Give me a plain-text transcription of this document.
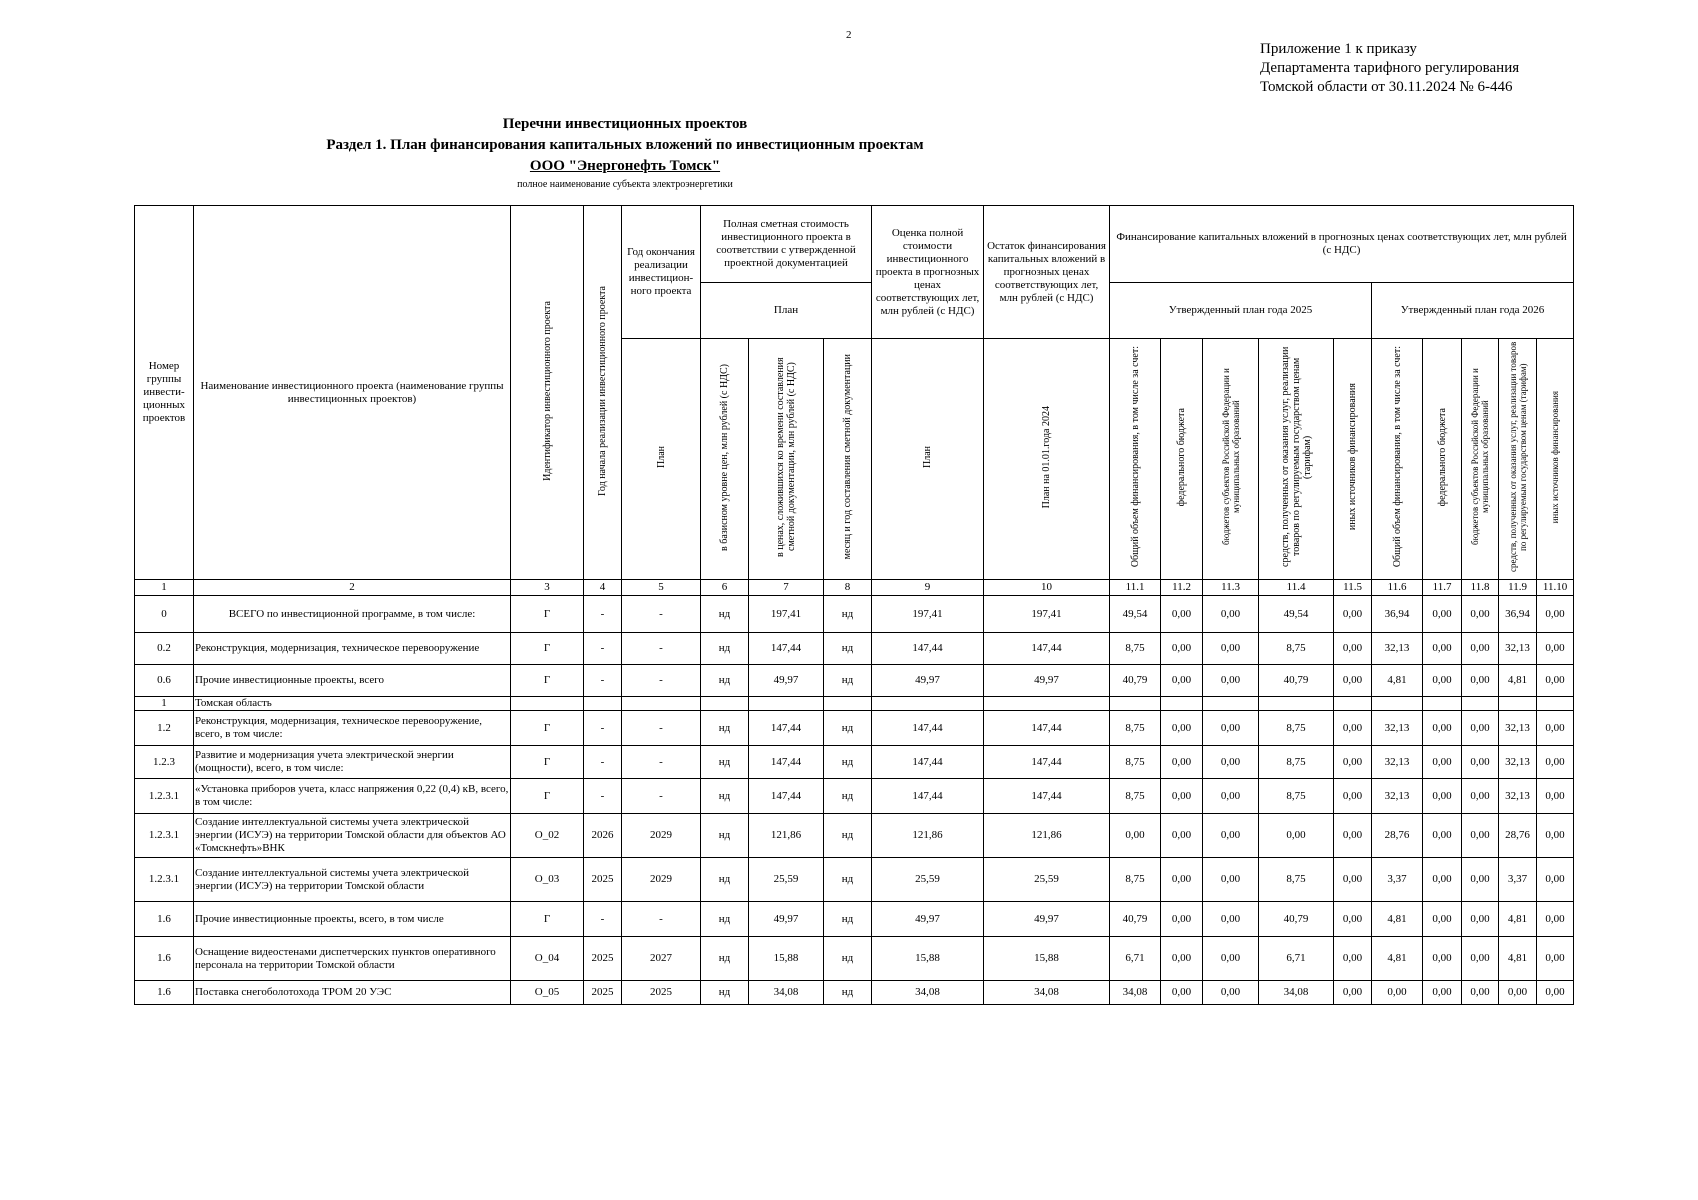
2
Приложение 1 к приказу
Департамента тарифного регулирования
Томской области от 30.11.2024 № 6-446
Перечни инвестиционных проектов
Раздел 1. План финансирования капитальных вложений по инвестиционным проектам
ООО "Энергонефть Томск"
полное наименование субъекта электроэнергетики
Номер группы инвести-ционных проектов	Наименование инвестиционного проекта (наименование группы инвестиционных проектов)	Идентификатор инвестиционного проекта	Год начала реализации инвестиционного проекта	Год окончания реализации инвестицион-ного проекта	Полная сметная стоимость инвестиционного проекта в соответствии с утвержденной проектной документацией			Оценка полной стоимости инвестиционного проекта в прогнозных ценах соответствующих лет, млн рублей (с НДС)	Остаток финансирования капитальных вложений в прогнозных ценах соответствующих лет, млн рублей (с НДС)	Финансирование капитальных вложений в прогнозных ценах соответствующих лет, млн рублей (с НДС)									
					План					Утвержденный план года 2025					Утвержденный план года 2026				
				План	в базисном уровне цен, млн рублей (с НДС)	в ценах, сложившихся ко времени составления сметной документации, млн рублей (с НДС)	месяц и год составления сметной документации	План	План на 01.01.года 2024	Общий объем финансирования, в том числе за счет:	федерального бюджета	бюджетов субъектов Российской Федерации и муниципальных образований	средств, полученных от оказания услуг, реализации товаров по регулируемым государством ценам (тарифам)	иных источников финансирования	Общий объем финансирования, в том числе за счет:	федерального бюджета	бюджетов субъектов Российской Федерации и муниципальных образований	средств, полученных от оказания услуг, реализации товаров по регулируемым государством ценам (тарифам)	иных источников финансирования
1	2	3	4	5	6	7	8	9	10	11.1	11.2	11.3	11.4	11.5	11.6	11.7	11.8	11.9	11.10
0	ВСЕГО по инвестиционной программе, в том числе:	Г	-	-	нд	197,41	нд	197,41	197,41	49,54	0,00	0,00	49,54	0,00	36,94	0,00	0,00	36,94	0,00
0.2	Реконструкция, модернизация, техническое перевооружение	Г	-	-	нд	147,44	нд	147,44	147,44	8,75	0,00	0,00	8,75	0,00	32,13	0,00	0,00	32,13	0,00
0.6	Прочие инвестиционные проекты, всего	Г	-	-	нд	49,97	нд	49,97	49,97	40,79	0,00	0,00	40,79	0,00	4,81	0,00	0,00	4,81	0,00
1	Томская область																		
1.2	Реконструкция, модернизация, техническое перевооружение, всего, в том числе:	Г	-	-	нд	147,44	нд	147,44	147,44	8,75	0,00	0,00	8,75	0,00	32,13	0,00	0,00	32,13	0,00
1.2.3	Развитие и модернизация учета электрической энергии (мощности), всего, в том числе:	Г	-	-	нд	147,44	нд	147,44	147,44	8,75	0,00	0,00	8,75	0,00	32,13	0,00	0,00	32,13	0,00
1.2.3.1	«Установка приборов учета, класс напряжения 0,22 (0,4) кВ, всего, в том числе:	Г	-	-	нд	147,44	нд	147,44	147,44	8,75	0,00	0,00	8,75	0,00	32,13	0,00	0,00	32,13	0,00
1.2.3.1	Создание интеллектуальной системы учета электрической энергии (ИСУЭ) на территории Томской области для объектов АО «Томскнефть»ВНК	О_02	2026	2029	нд	121,86	нд	121,86	121,86	0,00	0,00	0,00	0,00	0,00	28,76	0,00	0,00	28,76	0,00
1.2.3.1	Создание интеллектуальной системы учета электрической энергии (ИСУЭ) на территории Томской области	О_03	2025	2029	нд	25,59	нд	25,59	25,59	8,75	0,00	0,00	8,75	0,00	3,37	0,00	0,00	3,37	0,00
1.6	Прочие инвестиционные проекты, всего, в том числе	Г	-	-	нд	49,97	нд	49,97	49,97	40,79	0,00	0,00	40,79	0,00	4,81	0,00	0,00	4,81	0,00
1.6	Оснащение видеостенами диспетчерских пунктов оперативного персонала на территории Томской области	О_04	2025	2027	нд	15,88	нд	15,88	15,88	6,71	0,00	0,00	6,71	0,00	4,81	0,00	0,00	4,81	0,00
1.6	Поставка снегоболотохода ТРОМ 20 УЭС	О_05	2025	2025	нд	34,08	нд	34,08	34,08	34,08	0,00	0,00	34,08	0,00	0,00	0,00	0,00	0,00	0,00
